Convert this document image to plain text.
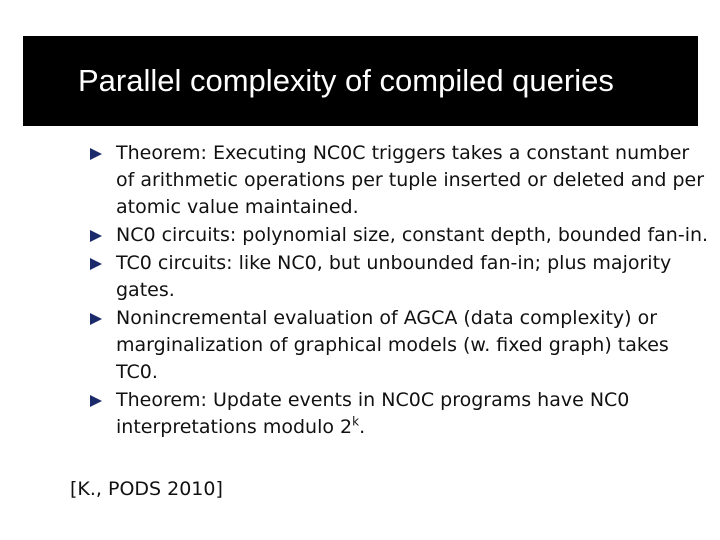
Parallel complexity of compiled queries
Theorem: Executing NC0C triggers takes a constant number of arithmetic operations per tuple inserted or deleted and per atomic value maintained.
NC0 circuits: polynomial size, constant depth, bounded fan-in.
TC0 circuits: like NC0, but unbounded fan-in; plus majority gates.
Nonincremental evaluation of AGCA (data complexity) or marginalization of graphical models (w. fixed graph) takes TC0.
Theorem: Update events in NC0C programs have NC0 interpretations modulo 2$^k$.
[K., PODS 2010]
